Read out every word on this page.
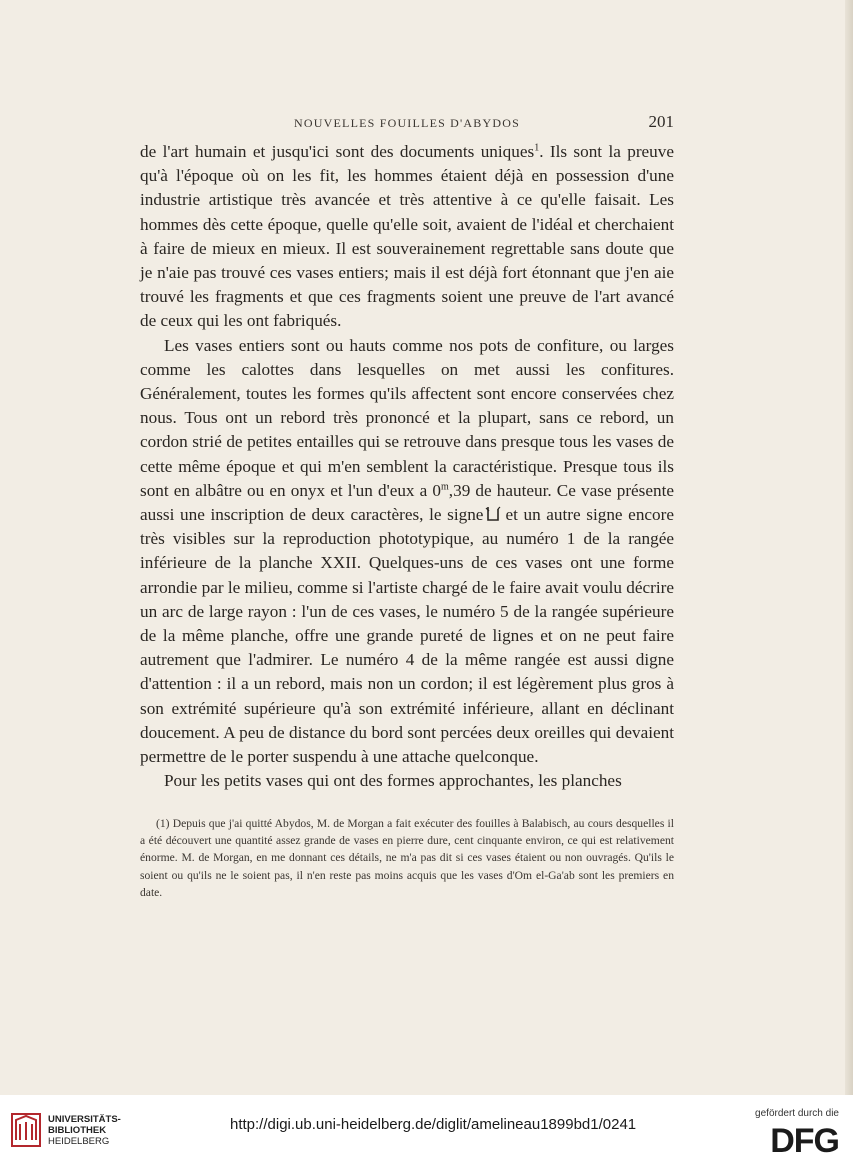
NOUVELLES FOUILLES D'ABYDOS	201

de l'art humain et jusqu'ici sont des documents uniques$^1$. Ils sont la preuve qu'à l'époque où on les fit, les hommes étaient déjà en possession d'une industrie artistique très avancée et très attentive à ce qu'elle faisait. Les hommes dès cette époque, quelle qu'elle soit, avaient de l'idéal et cherchaient à faire de mieux en mieux. Il est souverainement regrettable sans doute que je n'aie pas trouvé ces vases entiers; mais il est déjà fort étonnant que j'en aie trouvé les fragments et que ces fragments soient une preuve de l'art avancé de ceux qui les ont fabriqués.

Les vases entiers sont ou hauts comme nos pots de confiture, ou larges comme les calottes dans lesquelles on met aussi les confitures. Généralement, toutes les formes qu'ils affectent sont encore conservées chez nous. Tous ont un rebord très prononcé et la plupart, sans ce rebord, un cordon strié de petites entailles qui se retrouve dans presque tous les vases de cette même époque et qui m'en semblent la caractéristique. Presque tous ils sont en albâtre ou en onyx et l'un d'eux a 0$^m$,39 de hauteur. Ce vase présente aussi une inscription de deux caractères, le signe et un autre signe encore très visibles sur la reproduction phototypique, au numéro 1 de la rangée inférieure de la planche XXII. Quelques-uns de ces vases ont une forme arrondie par le milieu, comme si l'artiste chargé de le faire avait voulu décrire un arc de large rayon : l'un de ces vases, le numéro 5 de la rangée supérieure de la même planche, offre une grande pureté de lignes et on ne peut faire autrement que l'admirer. Le numéro 4 de la même rangée est aussi digne d'attention : il a un rebord, mais non un cordon; il est légèrement plus gros à son extrémité supérieure qu'à son extrémité inférieure, allant en déclinant doucement. A peu de distance du bord sont percées deux oreilles qui devaient permettre de le porter suspendu à une attache quelconque.

Pour les petits vases qui ont des formes approchantes, les planches

(1) Depuis que j'ai quitté Abydos, M. de Morgan a fait exécuter des fouilles à Balabisch, au cours desquelles il a été découvert une quantité assez grande de vases en pierre dure, cent cinquante environ, ce qui est relativement énorme. M. de Morgan, en me donnant ces détails, ne m'a pas dit si ces vases étaient ou non ouvragés. Qu'ils le soient ou qu'ils ne le soient pas, il n'en reste pas moins acquis que les vases d'Om el-Ga'ab sont les premiers en date.

UNIVERSITÄTS-
BIBLIOTHEK
HEIDELBERG
http://digi.ub.uni-heidelberg.de/diglit/amelineau1899bd1/0241
gefördert durch die
DFG
